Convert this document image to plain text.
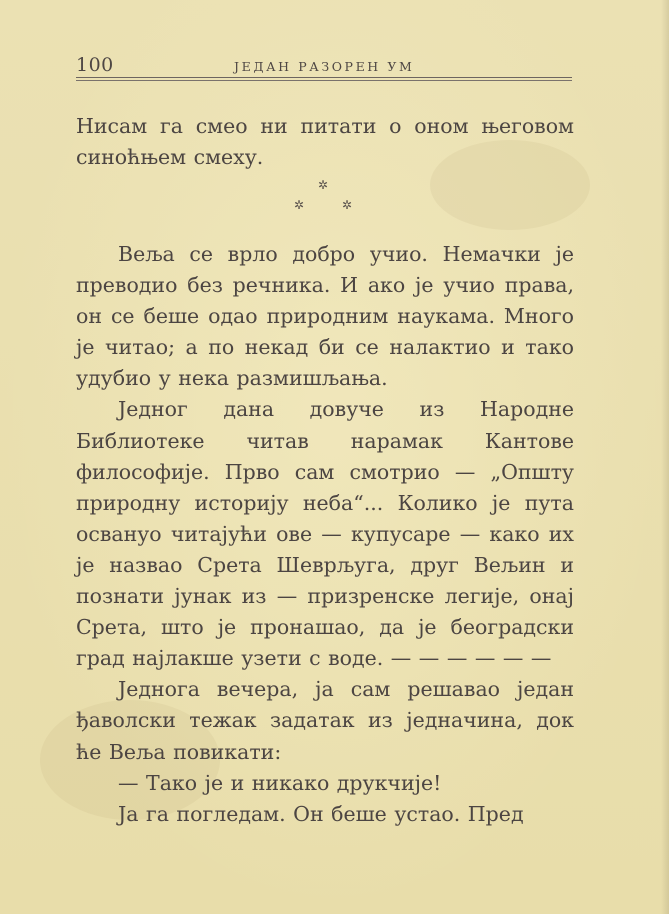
100	ЈЕДАН РАЗОРЕН УМ

Нисам га смео ни питати о оном његовом синоћњем смеху.

✲
✲	✲

Веља се врло добро учио. Немачки је преводио без речника. И ако је учио права, он се беше одао природним наукама. Много је читао; а по некад би се налактио и тако удубио у нека размишљања.

Једног дана довуче из Народне Библиотеке читав нарамак Кантове философије. Прво сам смотрио — „Општу природну историју неба“... Колико је пута освануо читајући ове — купусаре — како их је назвао Срета Шеврљуга, друг Вељин и познати јунак из — призренске легије, онај Срета, што је пронашао, да је београдски град најлакше узети с воде. — — — — — —

Једнога вечера, ја сам решавао један ђаволски тежак задатак из једначина, док ће Веља повикати:

— Тако је и никако друкчије!

Ја га погледам. Он беше устао. Пред
